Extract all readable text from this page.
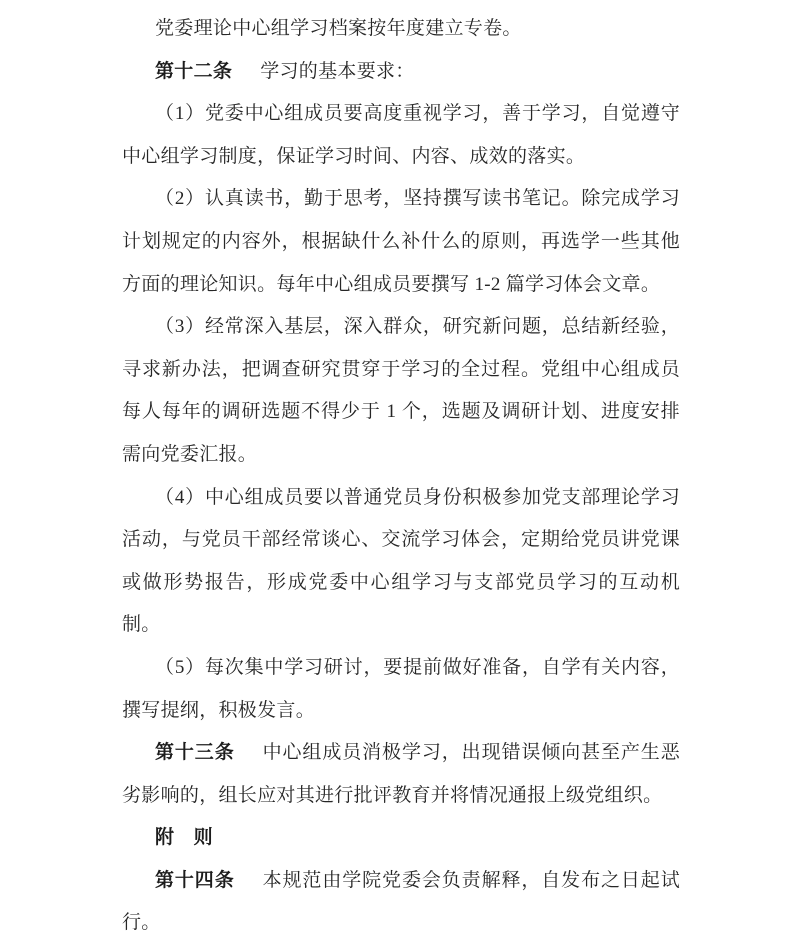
党委理论中心组学习档案按年度建立专卷。

第十二条 学习的基本要求：

（1）党委中心组成员要高度重视学习，善于学习，自觉遵守中心组学习制度，保证学习时间、内容、成效的落实。

（2）认真读书，勤于思考，坚持撰写读书笔记。除完成学习计划规定的内容外，根据缺什么补什么的原则，再选学一些其他方面的理论知识。每年中心组成员要撰写 1-2 篇学习体会文章。

（3）经常深入基层，深入群众，研究新问题，总结新经验，寻求新办法，把调查研究贯穿于学习的全过程。党组中心组成员每人每年的调研选题不得少于 1 个，选题及调研计划、进度安排需向党委汇报。

（4）中心组成员要以普通党员身份积极参加党支部理论学习活动，与党员干部经常谈心、交流学习体会，定期给党员讲党课或做形势报告，形成党委中心组学习与支部党员学习的互动机制。

（5）每次集中学习研讨，要提前做好准备，自学有关内容，撰写提纲，积极发言。

第十三条 中心组成员消极学习，出现错误倾向甚至产生恶劣影响的，组长应对其进行批评教育并将情况通报上级党组织。

附　则

第十四条 本规范由学院党委会负责解释，自发布之日起试行。
